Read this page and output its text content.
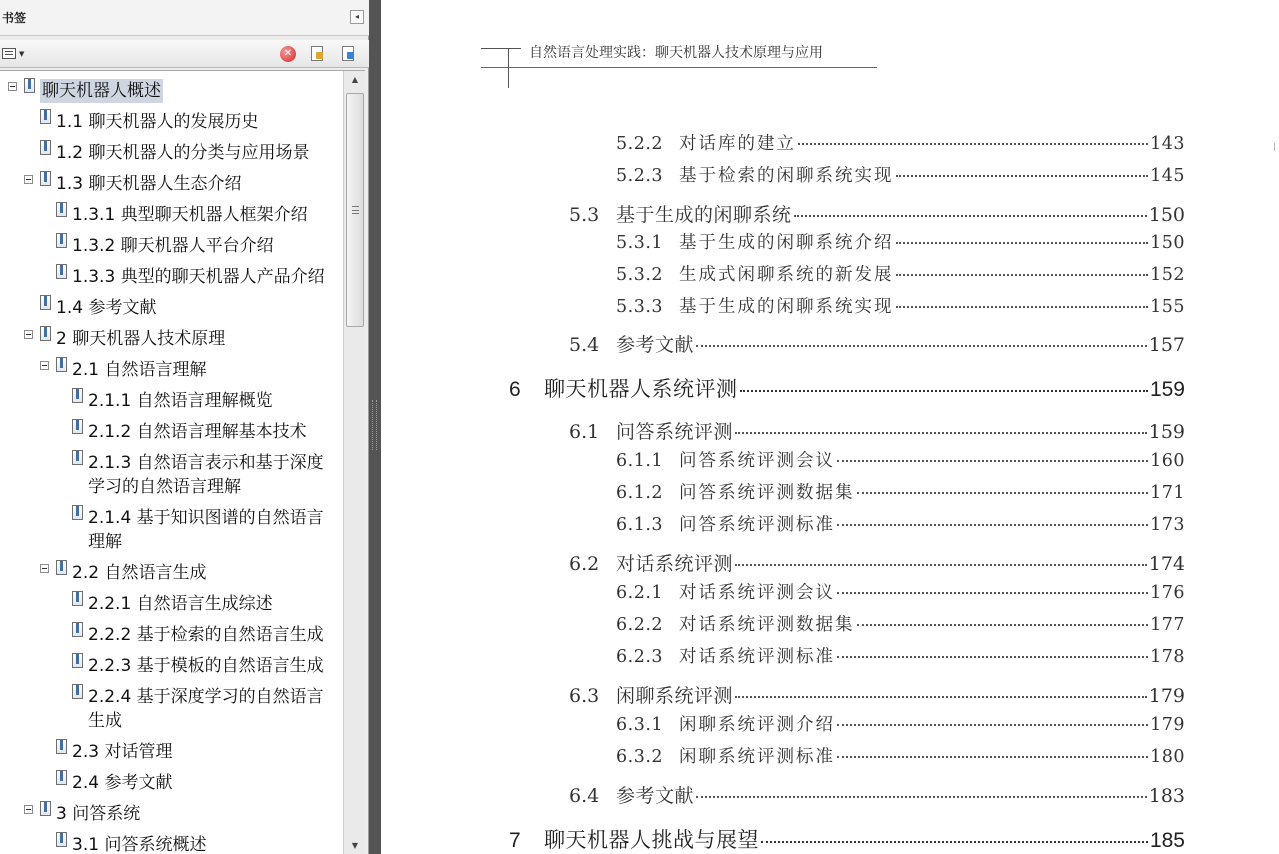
书签	◂
▼	✕
聊天机器人概述
1.1 聊天机器人的发展历史
1.2 聊天机器人的分类与应用场景
1.3 聊天机器人生态介绍
1.3.1 典型聊天机器人框架介绍
1.3.2 聊天机器人平台介绍
1.3.3 典型的聊天机器人产品介绍
1.4 参考文献
2 聊天机器人技术原理
2.1 自然语言理解
2.1.1 自然语言理解概览
2.1.2 自然语言理解基本技术
2.1.3 自然语言表示和基于深度学习的自然语言理解
2.1.4 基于知识图谱的自然语言理解
2.2 自然语言生成
2.2.1 自然语言生成综述
2.2.2 基于检索的自然语言生成
2.2.3 基于模板的自然语言生成
2.2.4 基于深度学习的自然语言生成
2.3 对话管理
2.4 参考文献
3 问答系统
3.1 问答系统概述
▲
▼
自然语言处理实践：聊天机器人技术原理与应用
5.2.2 对话库的建立	143
5.2.3 基于检索的闲聊系统实现	145
5.3 基于生成的闲聊系统	150
5.3.1 基于生成的闲聊系统介绍	150
5.3.2 生成式闲聊系统的新发展	152
5.3.3 基于生成的闲聊系统实现	155
5.4 参考文献	157
6	聊天机器人系统评测	159
6.1 问答系统评测	159
6.1.1 问答系统评测会议	160
6.1.2 问答系统评测数据集	171
6.1.3 问答系统评测标准	173
6.2 对话系统评测	174
6.2.1 对话系统评测会议	176
6.2.2 对话系统评测数据集	177
6.2.3 对话系统评测标准	178
6.3 闲聊系统评测	179
6.3.1 闲聊系统评测介绍	179
6.3.2 闲聊系统评测标准	180
6.4 参考文献	183
7	聊天机器人挑战与展望	185
